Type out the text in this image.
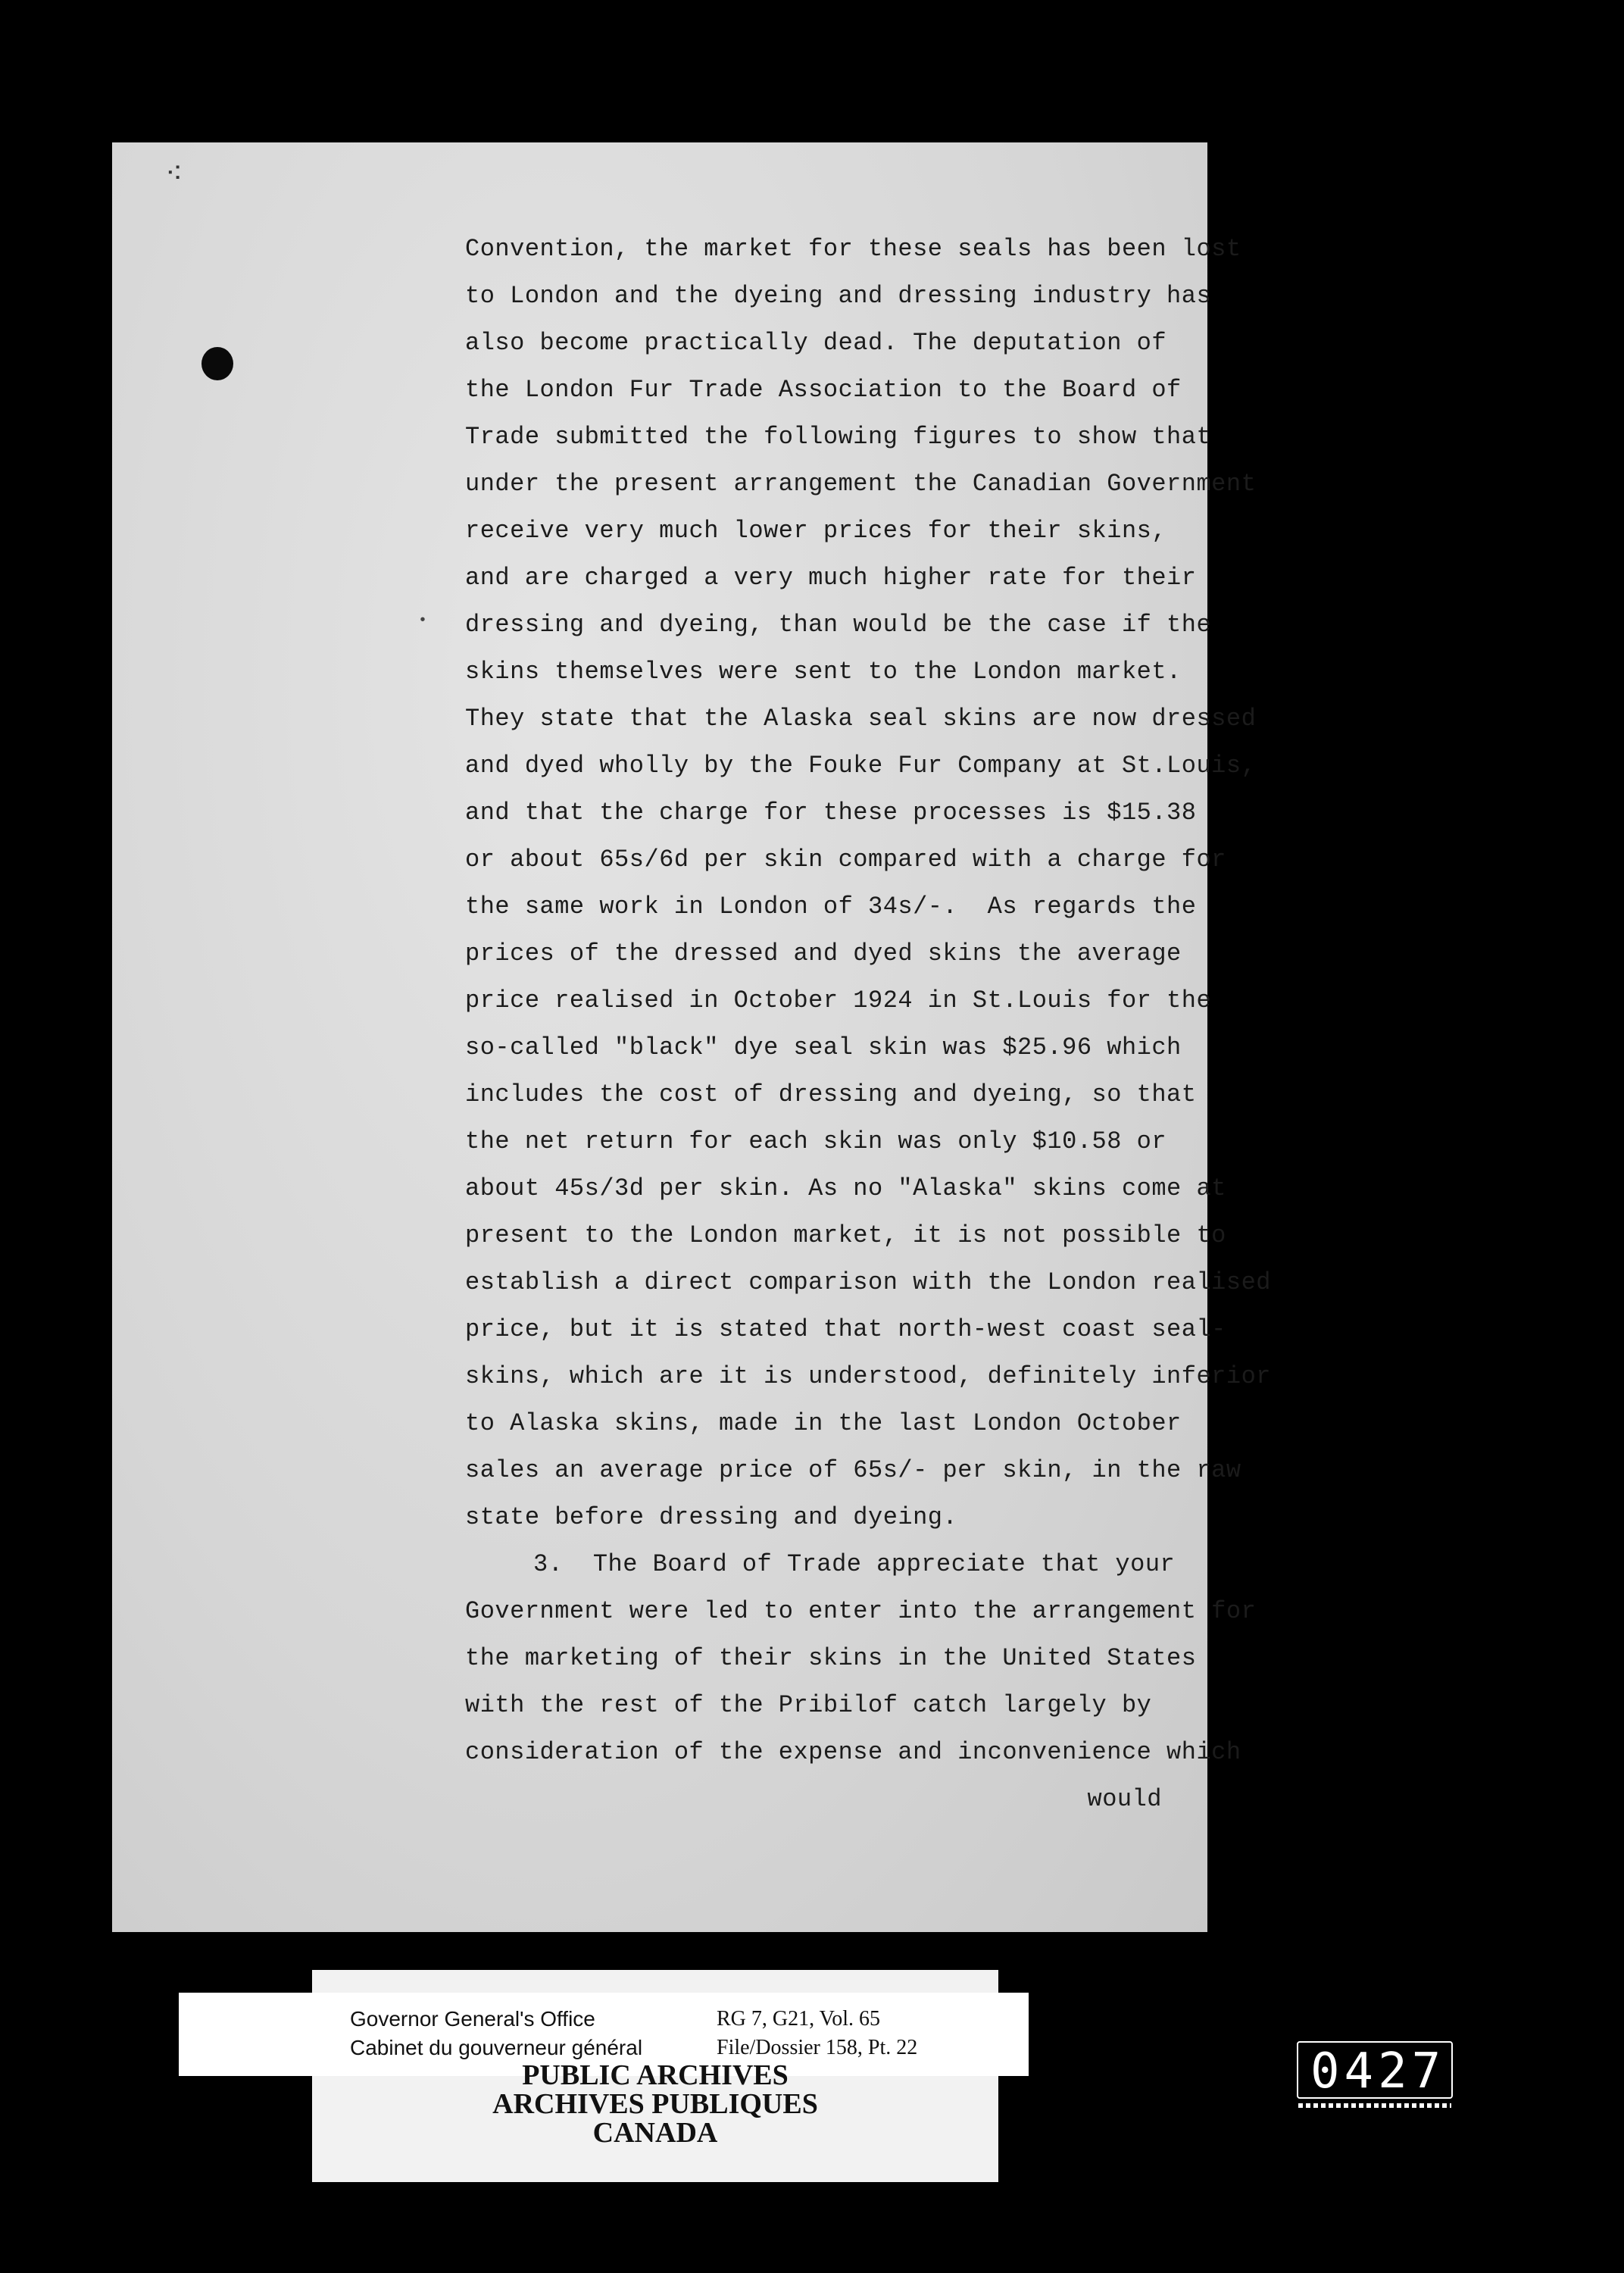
⁖
•
Convention, the market for these seals has been lost
to London and the dyeing and dressing industry has
also become practically dead. The deputation of
the London Fur Trade Association to the Board of
Trade submitted the following figures to show that
under the present arrangement the Canadian Government
receive very much lower prices for their skins,
and are charged a very much higher rate for their
dressing and dyeing, than would be the case if the
skins themselves were sent to the London market.
They state that the Alaska seal skins are now dressed
and dyed wholly by the Fouke Fur Company at St.Louis,
and that the charge for these processes is $15.38
or about 65s/6d per skin compared with a charge for
the same work in London of 34s/-.  As regards the
prices of the dressed and dyed skins the average
price realised in October 1924 in St.Louis for the
so-called "black" dye seal skin was $25.96 which
includes the cost of dressing and dyeing, so that
the net return for each skin was only $10.58 or
about 45s/3d per skin. As no "Alaska" skins come at
present to the London market, it is not possible to
establish a direct comparison with the London realised
price, but it is stated that north-west coast seal-
skins, which are it is understood, definitely inferior
to Alaska skins, made in the last London October
sales an average price of 65s/- per skin, in the raw
state before dressing and dyeing.
3.  The Board of Trade appreciate that your
Government were led to enter into the arrangement for
the marketing of their skins in the United States
with the rest of the Pribilof catch largely by
consideration of the expense and inconvenience which
would
Governor General's Office
Cabinet du gouverneur général
RG 7, G21, Vol. 65
File/Dossier 158, Pt. 22
PUBLIC ARCHIVES
ARCHIVES PUBLIQUES
CANADA
0427
